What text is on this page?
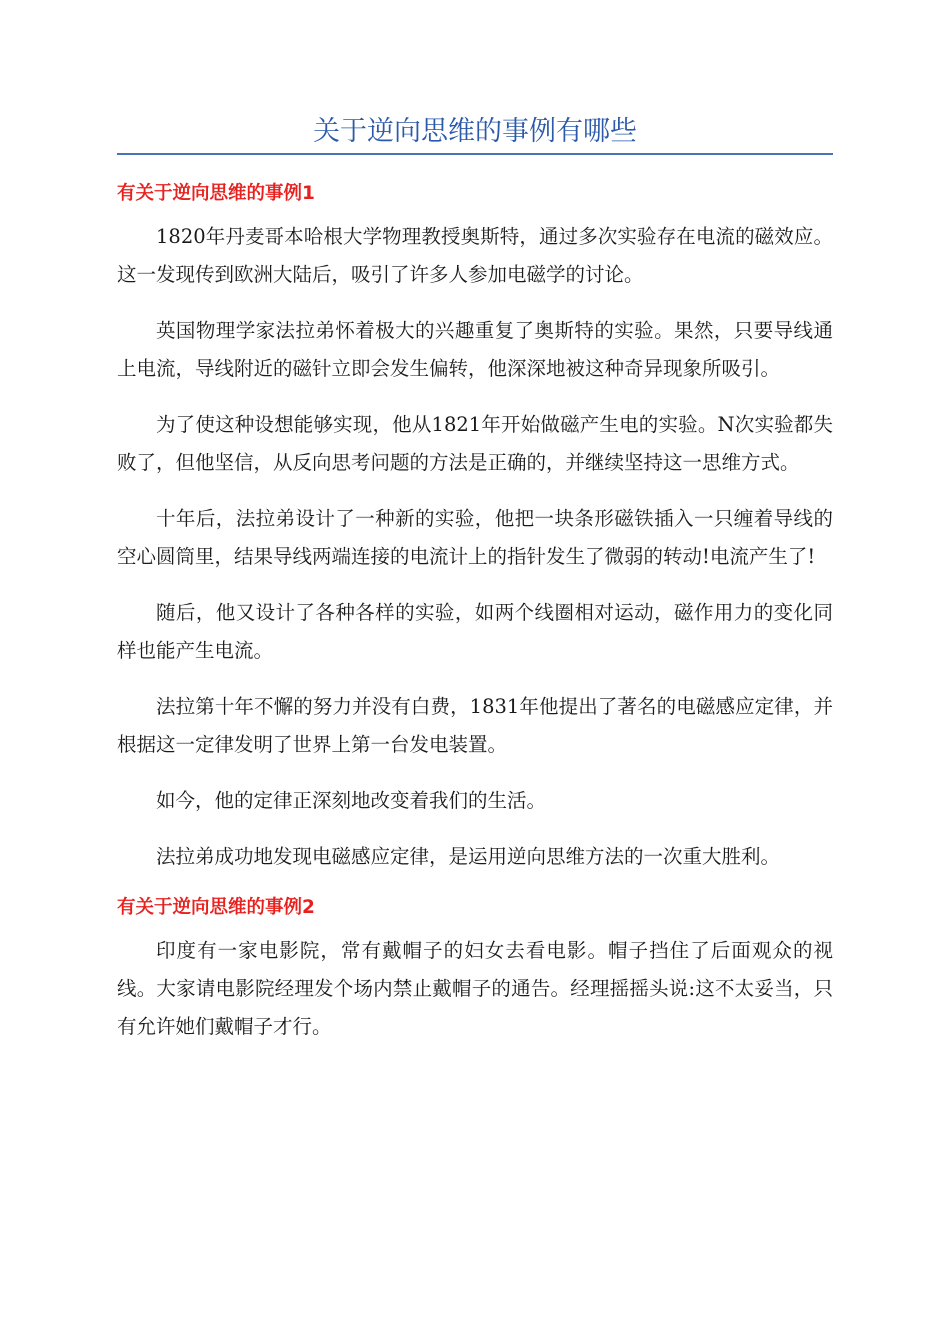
关于逆向思维的事例有哪些
有关于逆向思维的事例1

1820年丹麦哥本哈根大学物理教授奥斯特，通过多次实验存在电流的磁效应。这一发现传到欧洲大陆后，吸引了许多人参加电磁学的讨论。

英国物理学家法拉弟怀着极大的兴趣重复了奥斯特的实验。果然，只要导线通上电流，导线附近的磁针立即会发生偏转，他深深地被这种奇异现象所吸引。

为了使这种设想能够实现，他从1821年开始做磁产生电的实验。N次实验都失败了，但他坚信，从反向思考问题的方法是正确的，并继续坚持这一思维方式。

十年后，法拉弟设计了一种新的实验，他把一块条形磁铁插入一只缠着导线的空心圆筒里，结果导线两端连接的电流计上的指针发生了微弱的转动!电流产生了!

随后，他又设计了各种各样的实验，如两个线圈相对运动，磁作用力的变化同样也能产生电流。

法拉第十年不懈的努力并没有白费，1831年他提出了著名的电磁感应定律，并根据这一定律发明了世界上第一台发电装置。

如今，他的定律正深刻地改变着我们的生活。

法拉弟成功地发现电磁感应定律，是运用逆向思维方法的一次重大胜利。

有关于逆向思维的事例2

印度有一家电影院，常有戴帽子的妇女去看电影。帽子挡住了后面观众的视线。大家请电影院经理发个场内禁止戴帽子的通告。经理摇摇头说:这不太妥当，只有允许她们戴帽子才行。
